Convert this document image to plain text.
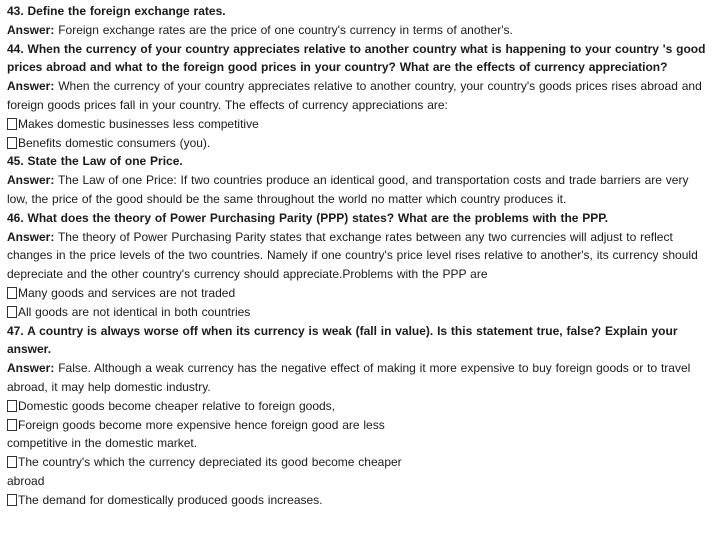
43. Define the foreign exchange rates.
Answer: Foreign exchange rates are the price of one country's currency in terms of another's.
44. When the currency of your country appreciates relative to another country what is happening to your country 's good prices abroad and what to the foreign good prices in your country? What are the effects of currency appreciation?
Answer: When the currency of your country appreciates relative to another country, your country's goods prices rises abroad and foreign goods prices fall in your country. The effects of currency appreciations are:
Makes domestic businesses less competitive
Benefits domestic consumers (you).
45. State the Law of one Price.
Answer: The Law of one Price: If two countries produce an identical good, and transportation costs and trade barriers are very low, the price of the good should be the same throughout the world no matter which country produces it.
46. What does the theory of Power Purchasing Parity (PPP) states? What are the problems with the PPP.
Answer: The theory of Power Purchasing Parity states that exchange rates between any two currencies will adjust to reflect changes in the price levels of the two countries. Namely if one country's price level rises relative to another's, its currency should depreciate and the other country's currency should appreciate.Problems with the PPP are
Many goods and services are not traded
All goods are not identical in both countries
47. A country is always worse off when its currency is weak (fall in value). Is this statement true, false? Explain your answer.
Answer: False. Although a weak currency has the negative effect of making it more expensive to buy foreign goods or to travel abroad, it may help domestic industry.
Domestic goods become cheaper relative to foreign goods,
Foreign goods become more expensive hence foreign good are less
competitive in the domestic market.
The country's which the currency depreciated its good become cheaper
abroad
The demand for domestically produced goods increases.
